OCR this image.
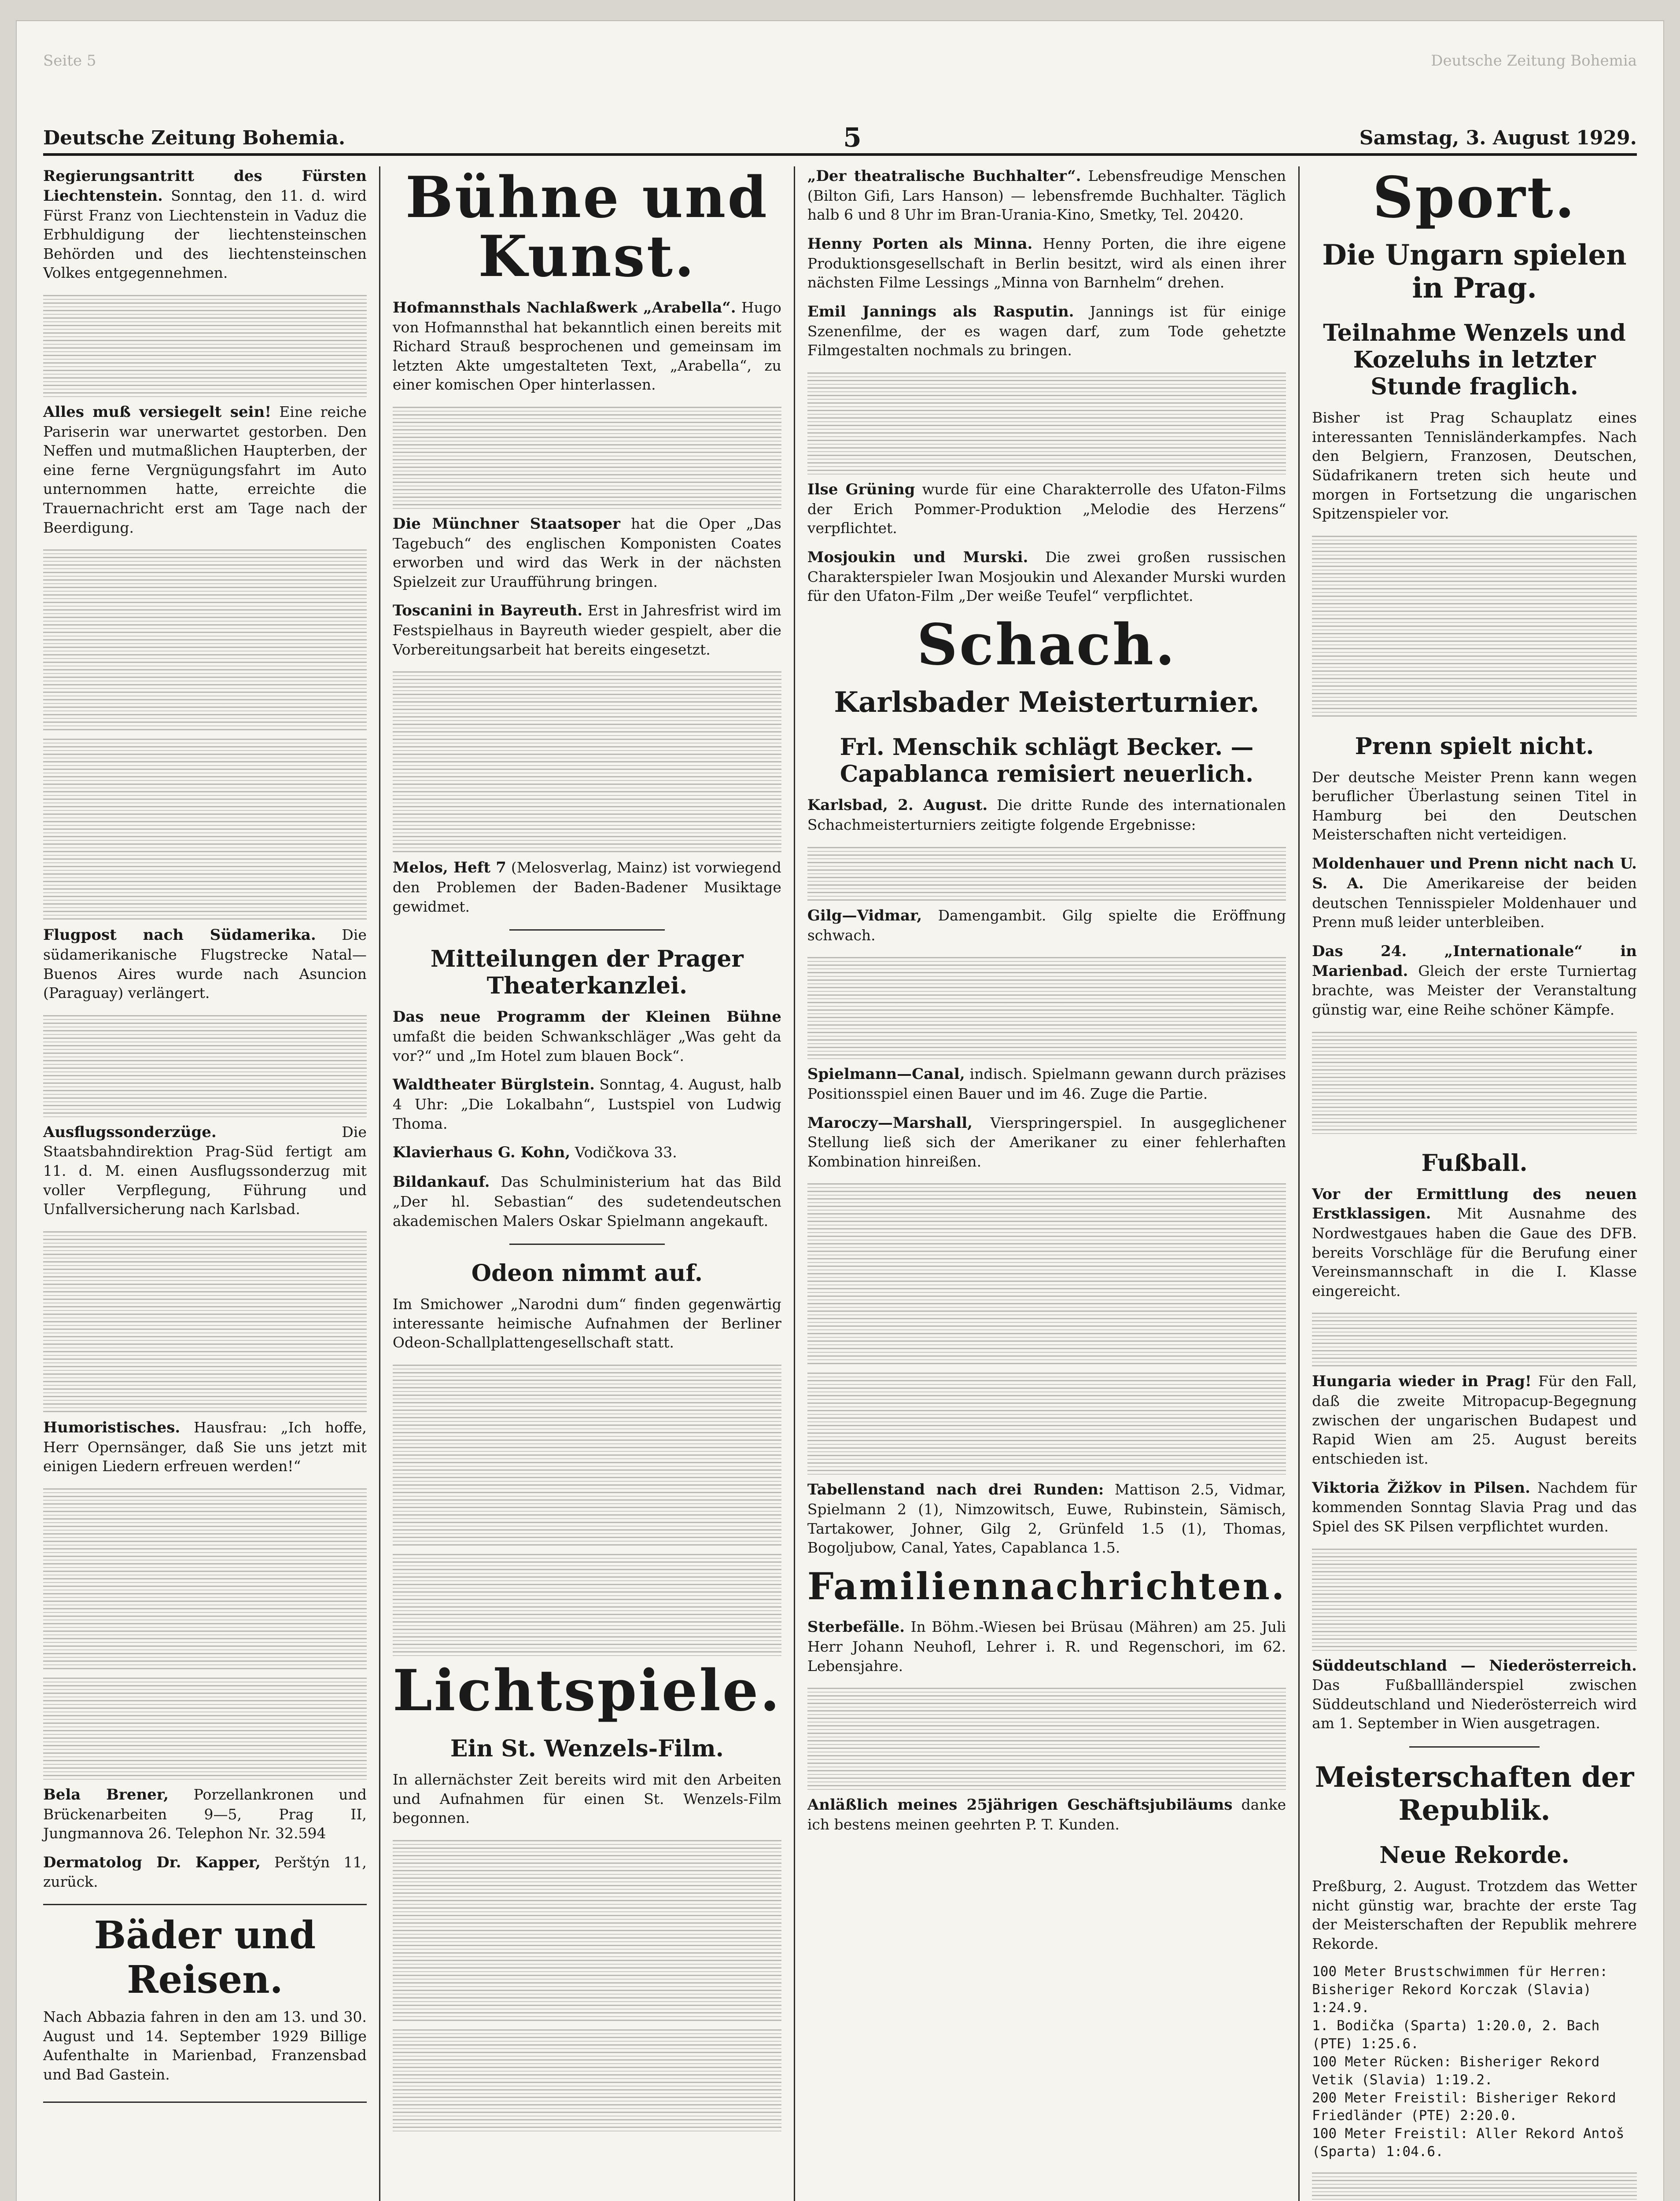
Seite 5	Deutsche Zeitung Bohemia
Deutsche Zeitung Bohemia.	5	Samstag, 3. August 1929.

Regierungsantritt des Fürsten Liechtenstein. Sonntag, den 11. d. wird Fürst Franz von Liechtenstein in Vaduz die Erbhuldigung der liechtensteinschen Behörden und des liechtensteinschen Volkes entgegennehmen.

Alles muß versiegelt sein! Eine reiche Pariserin war unerwartet gestorben. Den Neffen und mutmaßlichen Haupterben, der eine ferne Vergnügungsfahrt im Auto unternommen hatte, erreichte die Trauernachricht erst am Tage nach der Beerdigung.

Flugpost nach Südamerika. Die südamerikanische Flugstrecke Natal—Buenos Aires wurde nach Asuncion (Paraguay) verlängert.

Ausflugssonderzüge.	Die Staatsbahndirektion Prag-Süd fertigt am 11. d. M. einen Ausflugssonderzug mit voller Verpflegung, Führung und Unfallversicherung nach Karlsbad.

Humoristisches. Hausfrau: „Ich hoffe, Herr Opernsänger, daß Sie uns jetzt mit einigen Liedern erfreuen werden!“

Bela Brener, Porzellankronen und Brückenarbeiten 9—5, Prag II, Jungmannova 26. Telephon Nr. 32.594

Dermatolog Dr. Kapper, Perštýn 11, zurück.

Bäder und Reisen.

Nach Abbazia fahren in den am 13. und 30. August und 14. September 1929 Billige Aufenthalte in Marienbad, Franzensbad und Bad Gastein.

Bühne und Kunst.

Hofmannsthals Nachlaßwerk „Arabella“. Hugo von Hofmannsthal hat bekanntlich einen bereits mit Richard Strauß besprochenen und gemeinsam im letzten Akte umgestalteten Text, „Arabella“, zu einer komischen Oper hinterlassen.

Die Münchner Staatsoper hat die Oper „Das Tagebuch“ des englischen Komponisten Coates erworben und wird das Werk in der nächsten Spielzeit zur Uraufführung bringen.

Toscanini in Bayreuth. Erst in Jahresfrist wird im Festspielhaus in Bayreuth wieder gespielt, aber die Vorbereitungsarbeit hat bereits eingesetzt.

Melos, Heft 7 (Melosverlag, Mainz) ist vorwiegend den Problemen der Baden-Badener Musiktage gewidmet.

Mitteilungen der Prager Theaterkanzlei.

Das neue Programm der Kleinen Bühne umfaßt die beiden Schwankschläger „Was geht da vor?“ und „Im Hotel zum blauen Bock“.

Waldtheater Bürglstein. Sonntag, 4. August, halb 4 Uhr: „Die Lokalbahn“, Lustspiel von Ludwig Thoma.

Klavierhaus G. Kohn, Vodičkova 33.

Bildankauf. Das Schulministerium hat das Bild „Der hl. Sebastian“ des sudetendeutschen akademischen Malers Oskar Spielmann angekauft.

Odeon nimmt auf.

Im Smichower „Narodni dum“ finden gegenwärtig interessante heimische Aufnahmen der Berliner Odeon-Schallplattengesellschaft statt.

Lichtspiele.
Ein St. Wenzels-Film.

In allernächster Zeit bereits wird mit den Arbeiten und Aufnahmen für einen St. Wenzels-Film begonnen.

„Der theatralische Buchhalter“. Lebensfreudige Menschen (Bilton Gifi, Lars Hanson) — lebensfremde Buchhalter. Täglich halb 6 und 8 Uhr im Bran-Urania-Kino, Smetky, Tel. 20420.

Henny Porten als Minna. Henny Porten, die ihre eigene Produktionsgesellschaft in Berlin besitzt, wird als einen ihrer nächsten Filme Lessings „Minna von Barnhelm“ drehen.

Emil Jannings als Rasputin. Jannings ist für einige Szenenfilme, der es wagen darf, zum Tode gehetzte Filmgestalten nochmals zu bringen.

Ilse Grüning wurde für eine Charakterrolle des Ufaton-Films der Erich Pommer-Produktion „Melodie des Herzens“ verpflichtet.

Mosjoukin und Murski. Die zwei großen russischen Charakterspieler Iwan Mosjoukin und Alexander Murski wurden für den Ufaton-Film „Der weiße Teufel“ verpflichtet.

Schach.
Karlsbader Meisterturnier.
Frl. Menschik schlägt Becker. — Capablanca remisiert neuerlich.

Karlsbad, 2. August. Die dritte Runde des internationalen Schachmeisterturniers zeitigte folgende Ergebnisse:

Gilg—Vidmar, Damengambit. Gilg spielte die Eröffnung schwach.

Spielmann—Canal, indisch. Spielmann gewann durch präzises Positionsspiel einen Bauer und im 46. Zuge die Partie.

Maroczy—Marshall, Vierspringerspiel. In ausgeglichener Stellung ließ sich der Amerikaner zu einer fehlerhaften Kombination hinreißen.

Tabellenstand nach drei Runden: Mattison 2.5, Vidmar, Spielmann 2 (1), Nimzowitsch, Euwe, Rubinstein, Sämisch, Tartakower, Johner, Gilg 2, Grünfeld 1.5 (1), Thomas, Bogoljubow, Canal, Yates, Capablanca 1.5.

Familiennachrichten.

Sterbefälle. In Böhm.-Wiesen bei Brüsau (Mähren) am 25. Juli Herr Johann Neuhofl, Lehrer i. R. und Regenschori, im 62. Lebensjahre.

Anläßlich meines 25jährigen Geschäftsjubiläums danke ich bestens meinen geehrten P. T. Kunden.

Sport.
Die Ungarn spielen in Prag.
Teilnahme Wenzels und Kozeluhs in letzter Stunde fraglich.

Bisher ist Prag Schauplatz eines interessanten Tennisländerkampfes. Nach den Belgiern, Franzosen, Deutschen, Südafrikanern treten sich heute und morgen in Fortsetzung die ungarischen Spitzenspieler vor.

Prenn spielt nicht.

Der deutsche Meister Prenn kann wegen beruflicher Überlastung seinen Titel in Hamburg bei den Deutschen Meisterschaften nicht verteidigen.

Moldenhauer und Prenn nicht nach U. S. A. Die Amerikareise der beiden deutschen Tennisspieler Moldenhauer und Prenn muß leider unterbleiben.

Das 24. „Internationale“ in Marienbad. Gleich der erste Turniertag brachte, was Meister der Veranstaltung günstig war, eine Reihe schöner Kämpfe.

Fußball.

Vor der Ermittlung des neuen Erstklassigen. Mit Ausnahme des Nordwestgaues haben die Gaue des DFB. bereits Vorschläge für die Berufung einer Vereinsmannschaft in die I. Klasse eingereicht.

Hungaria wieder in Prag! Für den Fall, daß die zweite Mitropacup-Begegnung zwischen der ungarischen Budapest und Rapid Wien am 25. August bereits entschieden ist.

Viktoria Žižkov in Pilsen. Nachdem für kommenden Sonntag Slavia Prag und das Spiel des SK Pilsen verpflichtet wurden.

Süddeutschland — Niederösterreich. Das Fußballländerspiel zwischen Süddeutschland und Niederösterreich wird am 1. September in Wien ausgetragen.

Meisterschaften der Republik.
Neue Rekorde.

Preßburg, 2. August. Trotzdem das Wetter nicht günstig war, brachte der erste Tag der Meisterschaften der Republik mehrere Rekorde.

100 Meter Brustschwimmen für Herren: Bisheriger Rekord Korczak (Slavia) 1:24.9.
1. Bodička (Sparta) 1:20.0, 2. Bach (PTE) 1:25.6.
100 Meter Rücken: Bisheriger Rekord Vetik (Slavia) 1:19.2.
200 Meter Freistil: Bisheriger Rekord Friedländer (PTE) 2:20.0.
100 Meter Freistil: Aller Rekord Antoš (Sparta) 1:04.6.
